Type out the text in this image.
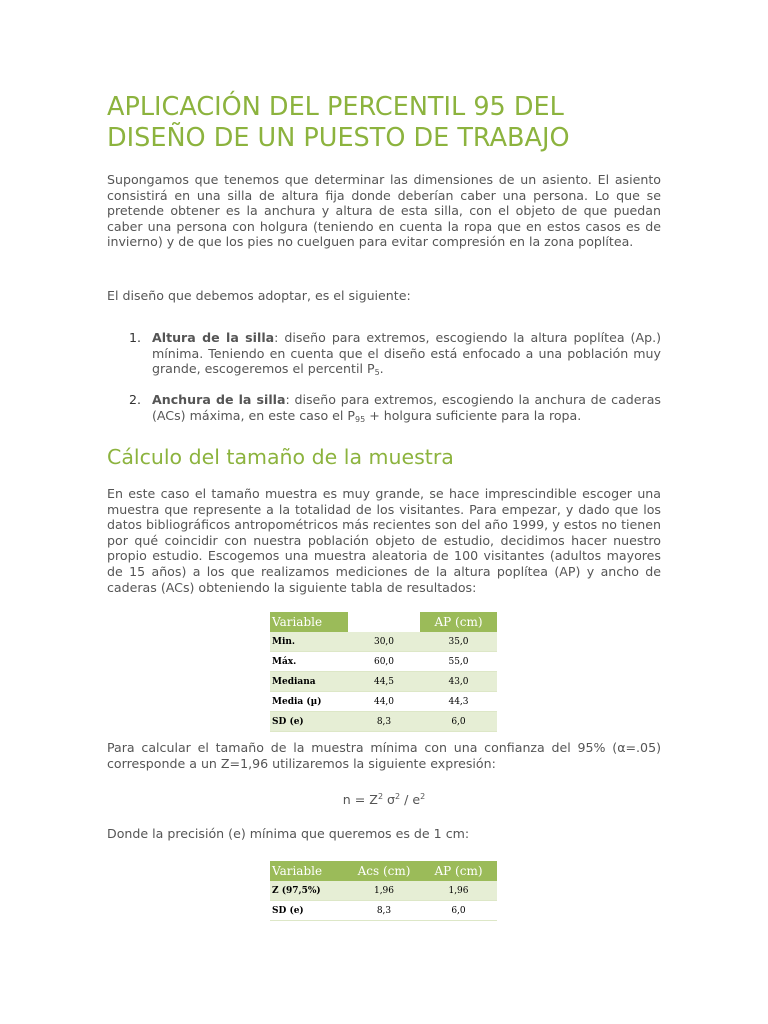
APLICACIÓN DEL PERCENTIL 95 DEL DISEÑO DE UN PUESTO DE TRABAJO

Supongamos que tenemos que determinar las dimensiones de un asiento. El asiento consistirá en una silla de altura fija donde deberían caber una persona. Lo que se pretende obtener es la anchura y altura de esta silla, con el objeto de que puedan caber una persona con holgura (teniendo en cuenta la ropa que en estos casos es de invierno) y de que los pies no cuelguen para evitar compresión en la zona poplítea.

El diseño que debemos adoptar, es el siguiente:

1. Altura de la silla: diseño para extremos, escogiendo la altura poplítea (Ap.) mínima. Teniendo en cuenta que el diseño está enfocado a una población muy grande, escogeremos el percentil $P_5$.
2. Anchura de la silla: diseño para extremos, escogiendo la anchura de caderas (ACs) máxima, en este caso el $P_{95}$ + holgura suficiente para la ropa.
Cálculo del tamaño de la muestra

En este caso el tamaño muestra es muy grande, se hace imprescindible escoger una muestra que represente a la totalidad de los visitantes. Para empezar, y dado que los datos bibliográficos antropométricos más recientes son del año 1999, y estos no tienen por qué coincidir con nuestra población objeto de estudio, decidimos hacer nuestro propio estudio. Escogemos una muestra aleatoria de 100 visitantes (adultos mayores de 15 años) a los que realizamos mediciones de la altura poplítea (AP) y ancho de caderas (ACs) obteniendo la siguiente tabla de resultados:

Variable		AP (cm)
Min.	30,0	35,0
Máx.	60,0	55,0
Mediana	44,5	43,0
Media (µ)	44,0	44,3
SD (e)	8,3	6,0

Para calcular el tamaño de la muestra mínima con una confianza del 95% (α=.05) corresponde a un Z=1,96 utilizaremos la siguiente expresión:

$n = Z^2$ $\sigma^2 / e^2$

Donde la precisión (e) mínima que queremos es de 1 cm:

Variable	Acs (cm)	AP (cm)
Z (97,5%)	1,96	1,96
SD (e)	8,3	6,0
